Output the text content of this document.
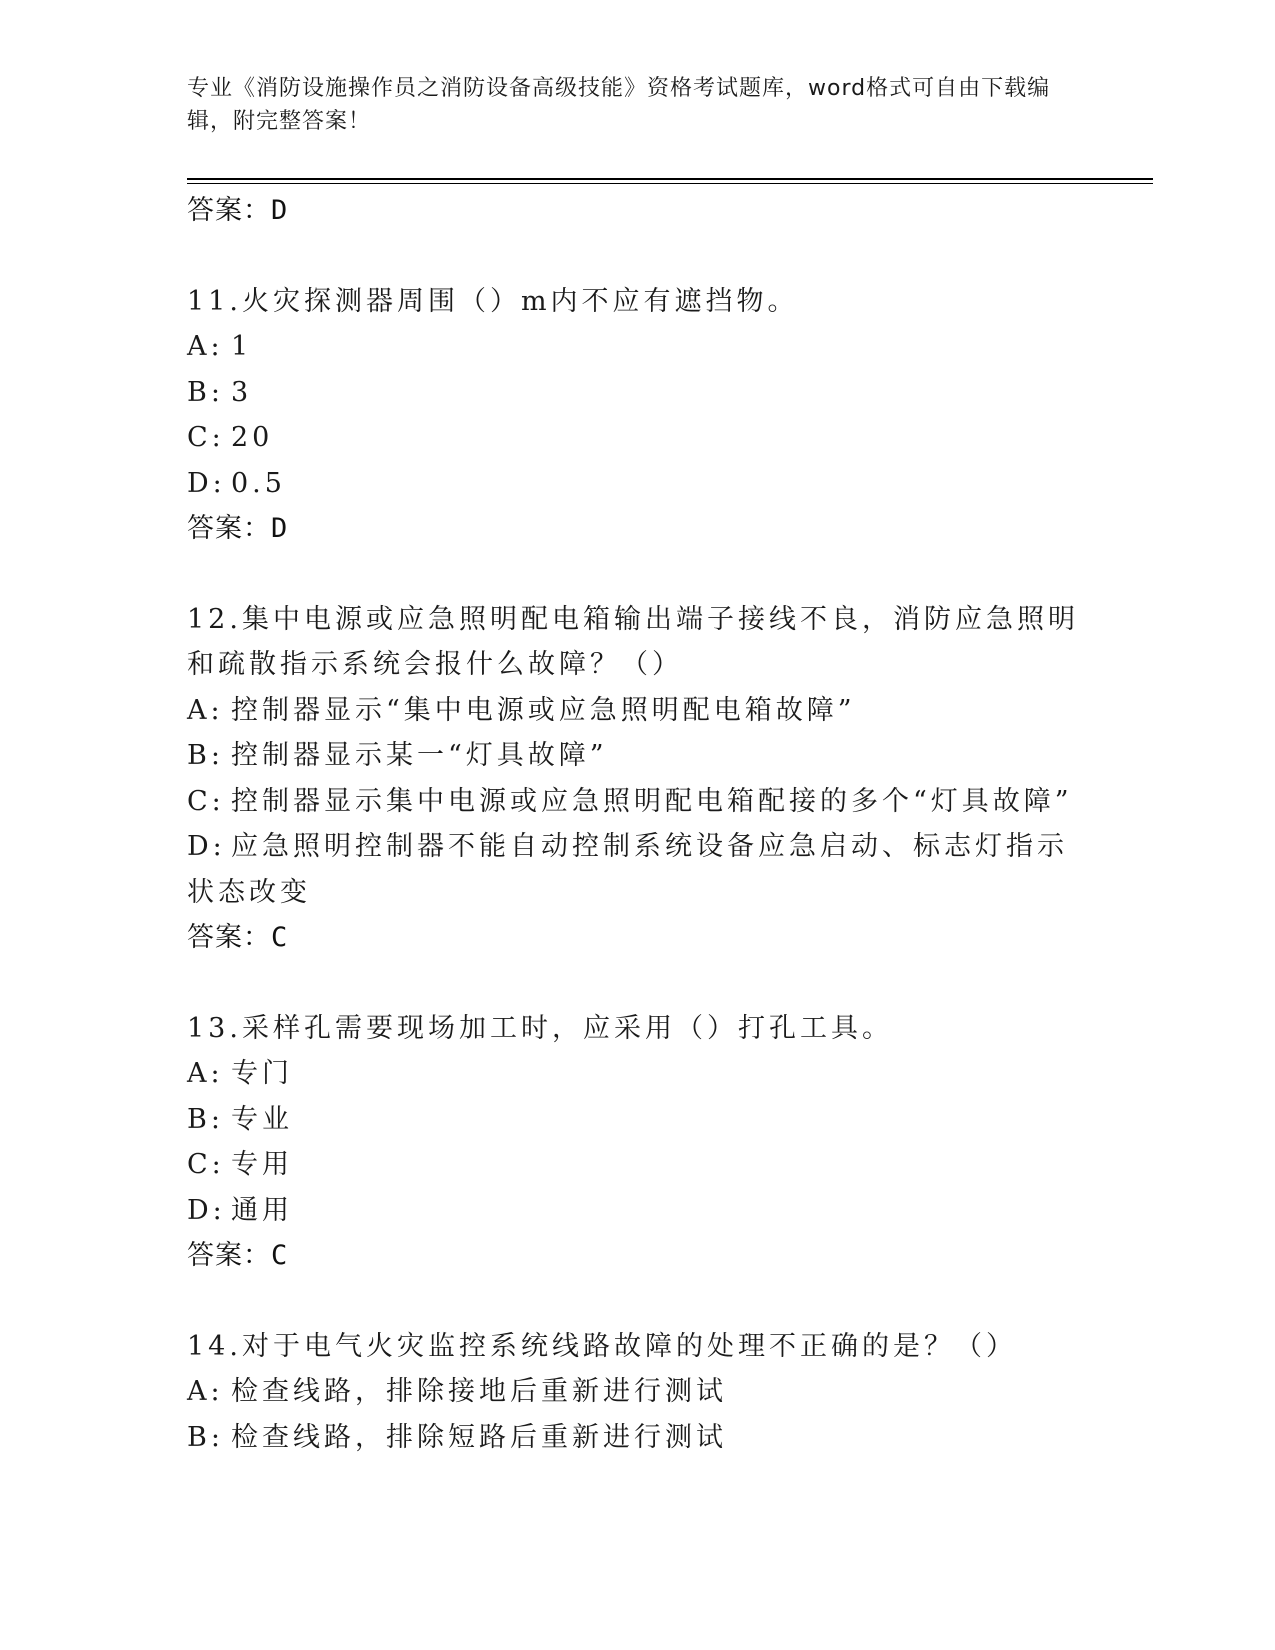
专业《消防设施操作员之消防设备高级技能》资格考试题库，word格式可自由下载编辑，附完整答案！
答案：D
11.火灾探测器周围（）m内不应有遮挡物。
A: 1
B: 3
C: 20
D: 0.5
答案：D
12.集中电源或应急照明配电箱输出端子接线不良，消防应急照明和疏散指示系统会报什么故障？（）
A: 控制器显示“集中电源或应急照明配电箱故障”
B: 控制器显示某一“灯具故障”
C: 控制器显示集中电源或应急照明配电箱配接的多个“灯具故障”
D: 应急照明控制器不能自动控制系统设备应急启动、标志灯指示状态改变
答案：C
13.采样孔需要现场加工时，应采用（）打孔工具。
A: 专门
B: 专业
C: 专用
D: 通用
答案：C
14.对于电气火灾监控系统线路故障的处理不正确的是？（）
A: 检查线路，排除接地后重新进行测试
B: 检查线路，排除短路后重新进行测试
